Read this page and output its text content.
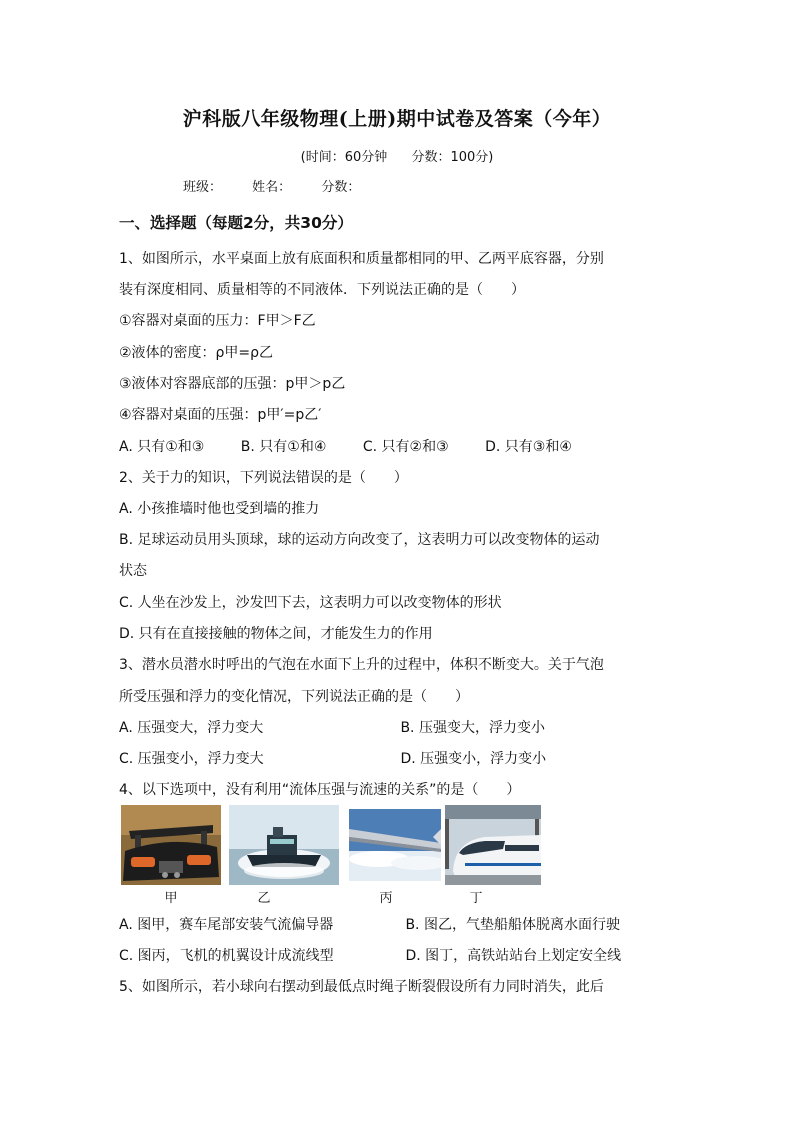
沪科版八年级物理(上册)期中试卷及答案（今年）
(时间：60分钟 分数：100分)
班级： 姓名： 分数：
一、选择题（每题2分，共30分）
1、如图所示，水平桌面上放有底面积和质量都相同的甲、乙两平底容器，分别
装有深度相同、质量相等的不同液体．下列说法正确的是（　　）
①容器对桌面的压力：F甲＞F乙
②液体的密度：ρ甲=ρ乙
③液体对容器底部的压强：p甲＞p乙
④容器对桌面的压强：p甲′=p乙′
A. 只有①和③	B. 只有①和④	C. 只有②和③	D. 只有③和④
2、关于力的知识，下列说法错误的是（　　）
A. 小孩推墙时他也受到墙的推力
B. 足球运动员用头顶球，球的运动方向改变了，这表明力可以改变物体的运动
状态
C. 人坐在沙发上，沙发凹下去，这表明力可以改变物体的形状
D. 只有在直接接触的物体之间，才能发生力的作用
3、潜水员潜水时呼出的气泡在水面下上升的过程中，体积不断变大。关于气泡
所受压强和浮力的变化情况，下列说法正确的是（　　）
A. 压强变大，浮力变大	B. 压强变大，浮力变小
C. 压强变小，浮力变大	D. 压强变小，浮力变小
4、以下选项中，没有利用“流体压强与流速的关系”的是（　　）
甲	乙	丙	丁
A. 图甲，赛车尾部安装气流偏导器	B. 图乙，气垫船船体脱离水面行驶
C. 图丙，飞机的机翼设计成流线型	D. 图丁，高铁站站台上划定安全线
5、如图所示，若小球向右摆动到最低点时绳子断裂假设所有力同时消失，此后
